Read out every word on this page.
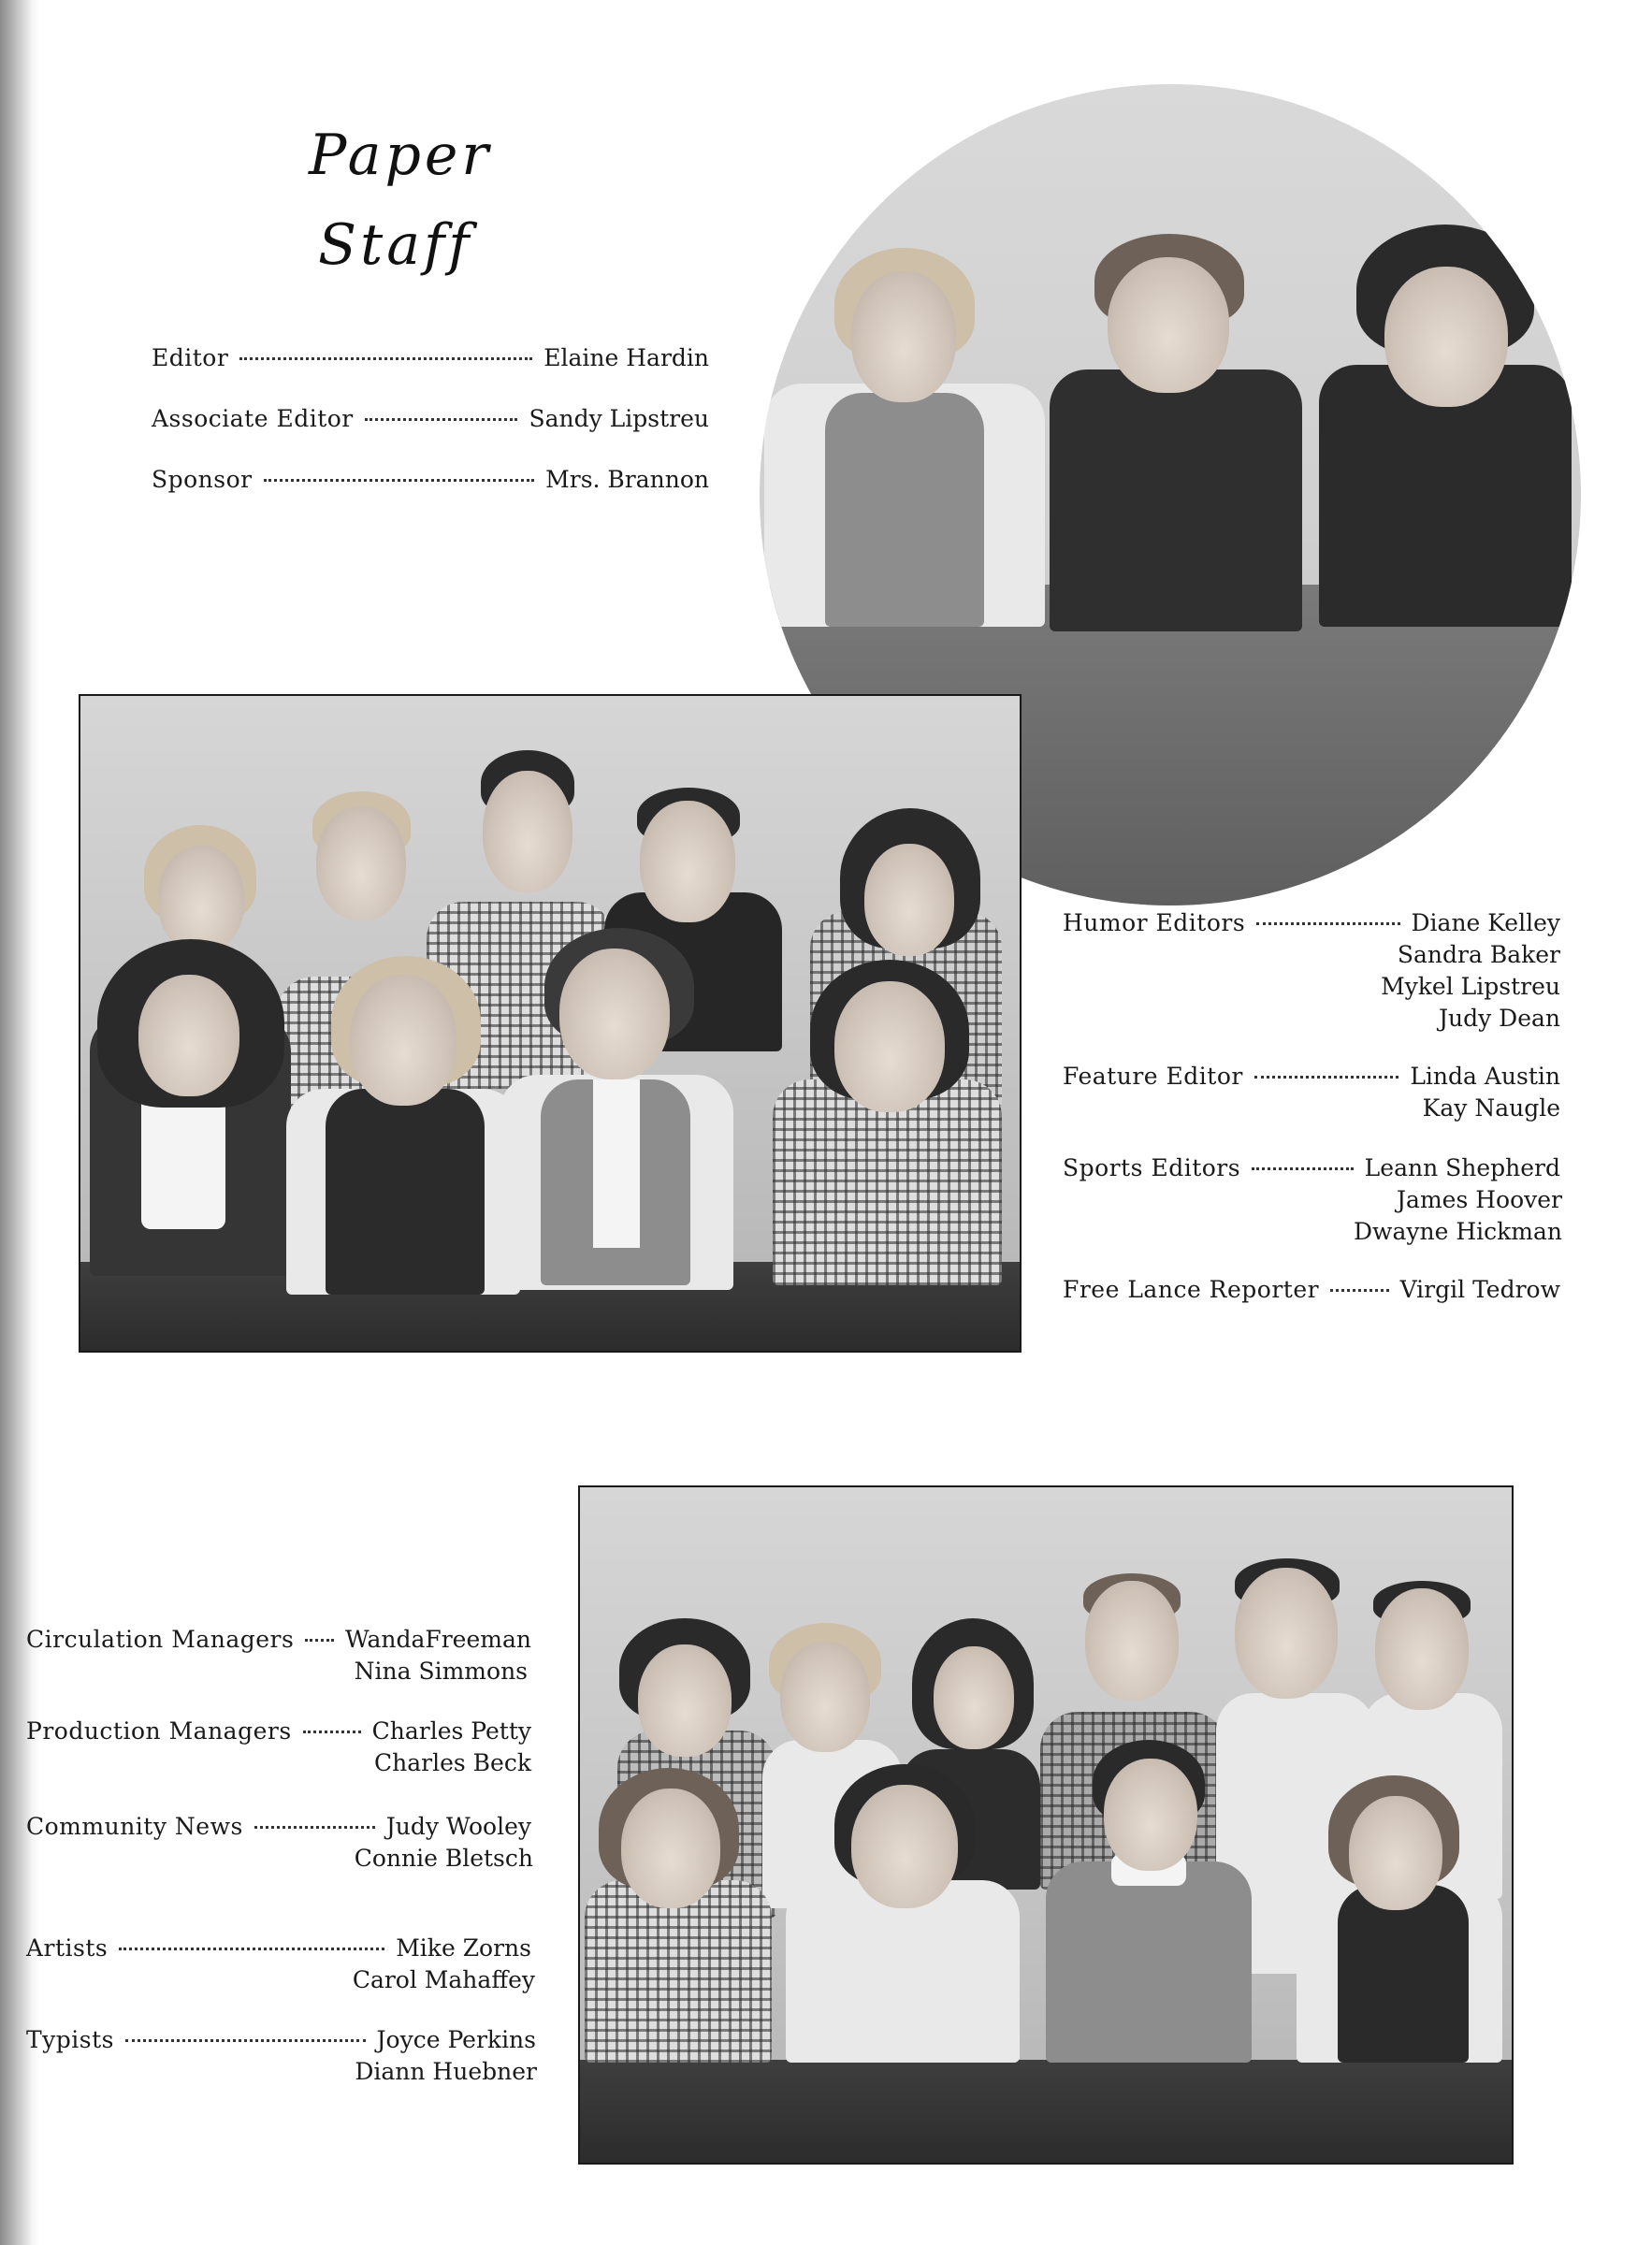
Paper
Staff
Editor	Elaine Hardin
Associate Editor	Sandy Lipstreu
Sponsor	Mrs. Brannon
Humor Editors	Diane Kelley
Sandra Baker
Mykel Lipstreu
Judy Dean
Feature Editor	Linda Austin
Kay Naugle
Sports Editors	Leann Shepherd
James Hoover
Dwayne Hickman
Free Lance Reporter	Virgil Tedrow
Circulation Managers WandaFreeman
Nina Simmons
Production Managers	Charles Petty
Charles Beck
Community News	Judy Wooley
Connie Bletsch
Artists	Mike Zorns
Carol Mahaffey
Typists	Joyce Perkins
Diann Huebner
